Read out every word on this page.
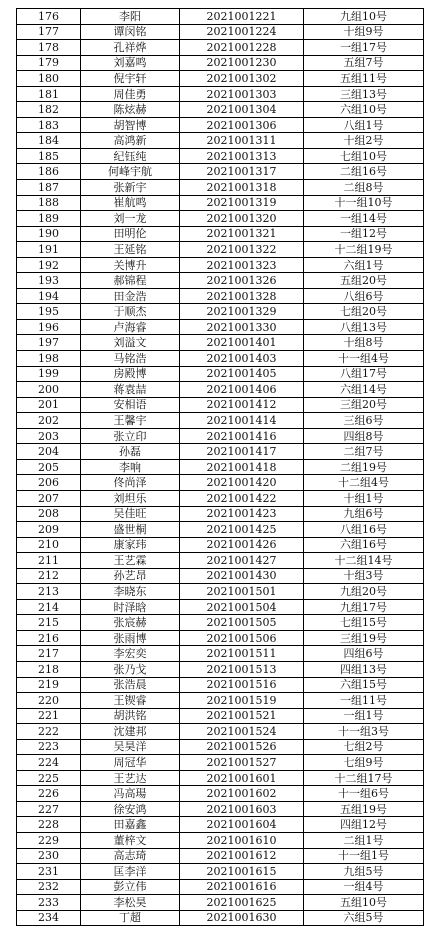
176	李阳	2021001221	九组10号
177	谭闵铭	2021001224	十组9号
178	孔祥烨	2021001228	一组17号
179	刘嘉鸣	2021001230	五组7号
180	倪宇轩	2021001302	五组11号
181	周佳勇	2021001303	三组13号
182	陈炫赫	2021001304	六组10号
183	胡智博	2021001306	八组1号
184	高鸿新	2021001311	十组2号
185	纪钰纯	2021001313	七组10号
186	何峰宇航	2021001317	二组16号
187	张新宇	2021001318	二组8号
188	崔航鸣	2021001319	十一组10号
189	刘一龙	2021001320	一组14号
190	田明伦	2021001321	一组12号
191	王延铭	2021001322	十二组19号
192	关博升	2021001323	六组1号
193	郝锦程	2021001326	五组20号
194	田金浩	2021001328	八组6号
195	于顺杰	2021001329	七组20号
196	卢海睿	2021001330	八组13号
197	刘溢文	2021001401	十组8号
198	马铭浩	2021001403	十一组4号
199	房殿博	2021001405	八组17号
200	蒋袁喆	2021001406	六组14号
201	安相语	2021001412	三组20号
202	王馨宇	2021001414	三组6号
203	张立印	2021001416	四组8号
204	孙磊	2021001417	二组7号
205	李响	2021001418	二组19号
206	佟尚泽	2021001420	十二组4号
207	刘坦乐	2021001422	十组1号
208	吴佳旺	2021001423	九组6号
209	盛世桐	2021001425	八组16号
210	康家玮	2021001426	六组16号
211	王艺霖	2021001427	十二组14号
212	孙艺昂	2021001430	十组3号
213	李晓东	2021001501	九组20号
214	时泽晗	2021001504	九组17号
215	张宸赫	2021001505	七组15号
216	张雨博	2021001506	三组19号
217	李宏奕	2021001511	四组6号
218	张乃戈	2021001513	四组13号
219	张浩晨	2021001516	六组15号
220	王锲睿	2021001519	一组11号
221	胡洪铭	2021001521	一组1号
222	沈建邦	2021001524	十一组3号
223	吴昊洋	2021001526	七组2号
224	周冠华	2021001527	七组9号
225	王艺达	2021001601	十二组17号
226	冯高瑒	2021001602	十一组6号
227	徐安鸿	2021001603	五组19号
228	田嘉鑫	2021001604	四组12号
229	董梓文	2021001610	二组1号
230	高志琦	2021001612	十一组1号
231	匡李洋	2021001615	九组5号
232	彭立伟	2021001616	一组4号
233	李松昊	2021001625	五组10号
234	丁超	2021001630	六组5号
